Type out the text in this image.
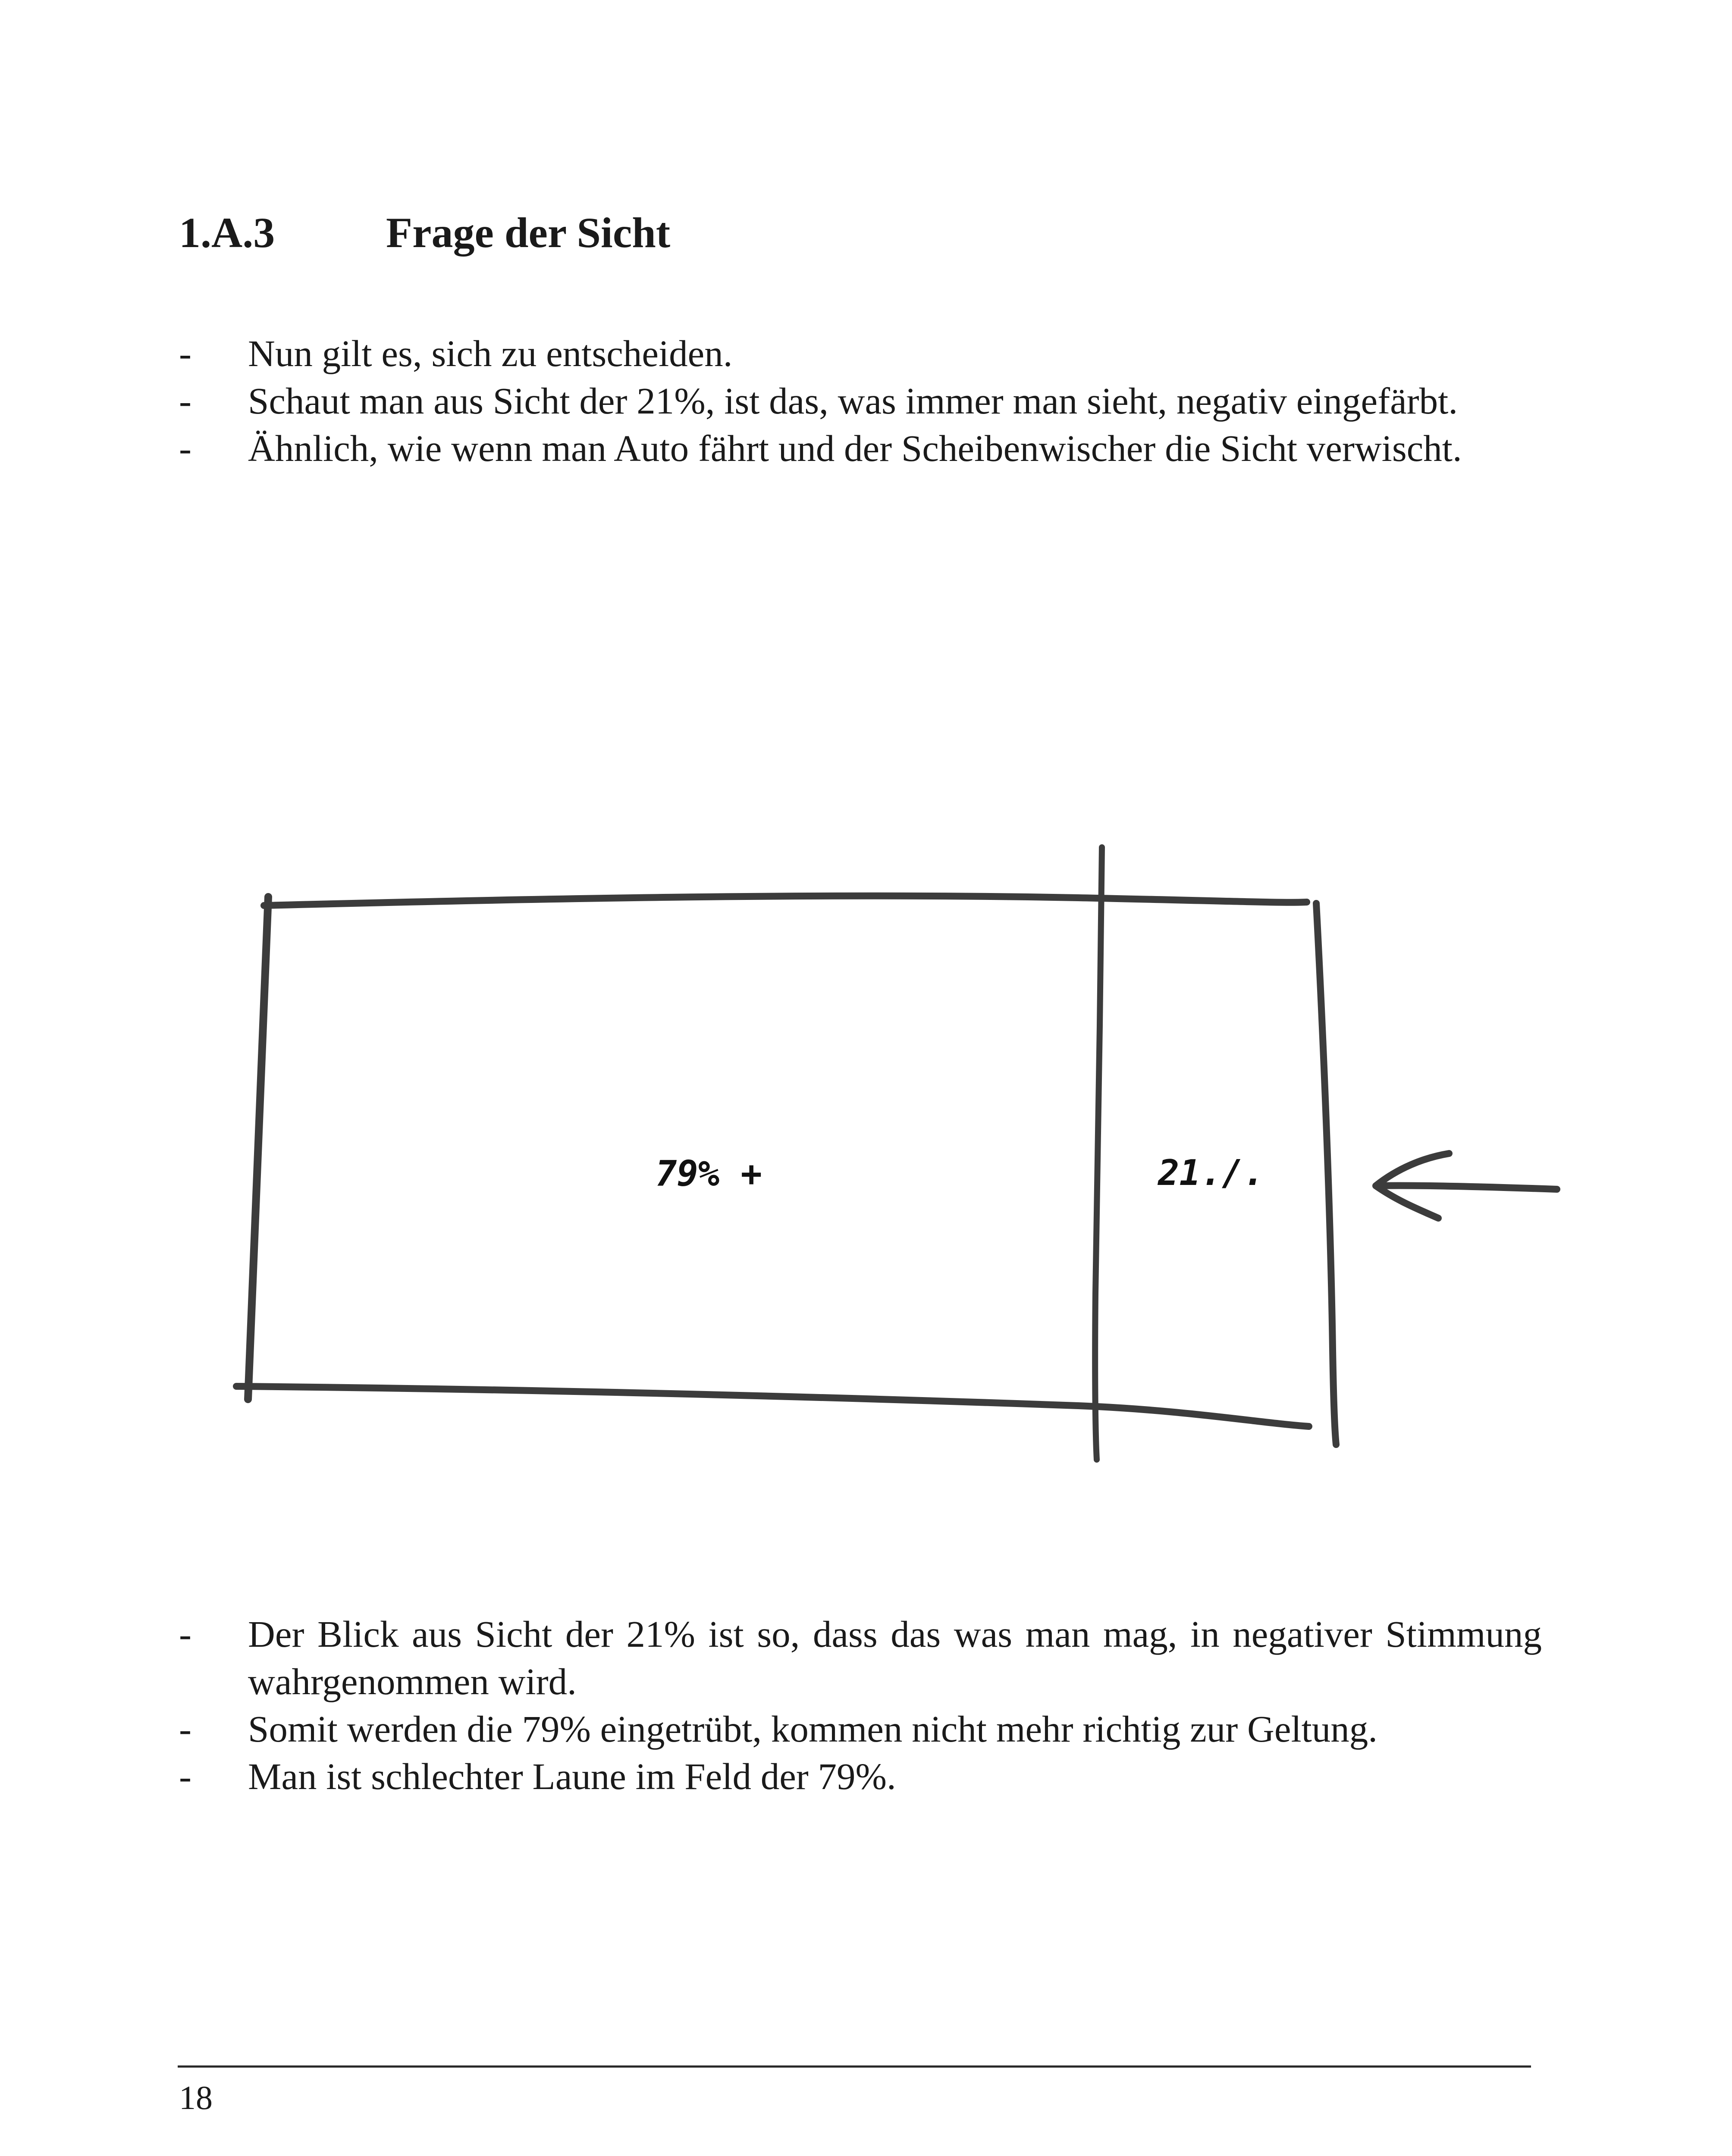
1.A.3	Frage der Sicht
- Nun gilt es, sich zu entscheiden.
- Schaut man aus Sicht der 21%, ist das, was immer man sieht, negativ eingefärbt.
- Ähnlich, wie wenn man Auto fährt und der Scheibenwischer die Sicht verwischt.
79% +	21./.
- Der Blick aus Sicht der 21% ist so, dass das was man mag, in negativer Stimmung wahrgenommen wird.
- Somit werden die 79% eingetrübt, kommen nicht mehr richtig zur Geltung.
- Man ist schlechter Laune im Feld der 79%.
18
